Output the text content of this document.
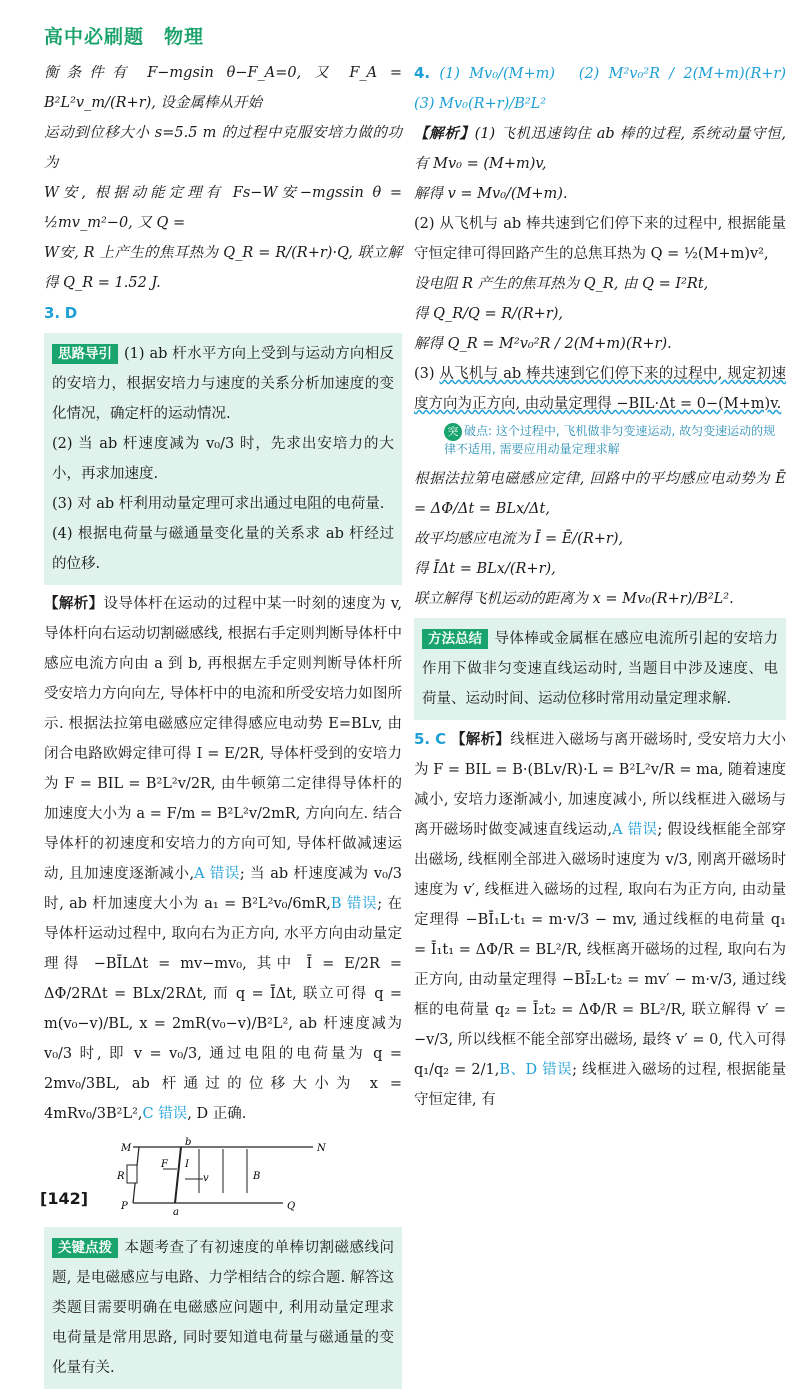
高中必刷题　物理

衡条件有 F−mgsin θ−F_A=0, 又 F_A = B²L²v_m/(R+r), 设金属棒从开始

运动到位移大小 s=5.5 m 的过程中克服安培力做的功为

W安, 根据动能定理有 Fs−W安−mgssin θ = ½mv_m²−0, 又 Q =

W安, R 上产生的焦耳热为 Q_R = R/(R+r)·Q, 联立解得 Q_R = 1.52 J.

3. D

思路导引 (1) ab 杆水平方向上受到与运动方向相反的安培力，根据安培力与速度的关系分析加速度的变化情况，确定杆的运动情况.

(2) 当 ab 杆速度减为 v₀/3 时，先求出安培力的大小，再求加速度.

(3) 对 ab 杆利用动量定理可求出通过电阻的电荷量.

(4) 根据电荷量与磁通量变化量的关系求 ab 杆经过的位移.

【解析】设导体杆在运动的过程中某一时刻的速度为 v, 导体杆向右运动切割磁感线, 根据右手定则判断导体杆中感应电流方向由 a 到 b, 再根据左手定则判断导体杆所受安培力方向向左, 导体杆中的电流和所受安培力如图所示. 根据法拉第电磁感应定律得感应电动势 E=BLv, 由闭合电路欧姆定律可得 I = E/2R, 导体杆受到的安培力为 F = BIL = B²L²v/2R, 由牛顿第二定律得导体杆的加速度大小为 a = F/m = B²L²v/2mR, 方向向左. 结合导体杆的初速度和安培力的方向可知, 导体杆做减速运动, 且加速度逐渐减小,A 错误; 当 ab 杆速度减为 v₀/3 时, ab 杆加速度大小为 a₁ = B²L²v₀/6mR,B 错误; 在导体杆运动过程中, 取向右为正方向, 水平方向由动量定理得 −BĪLΔt = mv−mv₀, 其中 Ī = E/2R = ΔΦ/2RΔt = BLx/2RΔt, 而 q = ĪΔt, 联立可得 q = m(v₀−v)/BL, x = 2mR(v₀−v)/B²L², ab 杆速度减为 v₀/3 时, 即 v = v₀/3, 通过电阻的电荷量为 q = 2mv₀/3BL, ab 杆通过的位移大小为 x = 4mRv₀/3B²L²,C 错误, D 正确.

M	N
P	Q
R
F I
v	B
a
b

关键点拨 本题考查了有初速度的单棒切割磁感线问题, 是电磁感应与电路、力学相结合的综合题. 解答这类题目需要明确在电磁感应问题中, 利用动量定理求电荷量是常用思路, 同时要知道电荷量与磁通量的变化量有关.

4. (1) Mv₀/(M+m)　(2) M²v₀²R / 2(M+m)(R+r)　(3) Mv₀(R+r)/B²L²

【解析】(1) 飞机迅速钩住 ab 棒的过程, 系统动量守恒, 有 Mv₀ = (M+m)v,

解得 v = Mv₀/(M+m).

(2) 从飞机与 ab 棒共速到它们停下来的过程中, 根据能量守恒定律可得回路产生的总焦耳热为 Q = ½(M+m)v²,

设电阻 R 产生的焦耳热为 Q_R, 由 Q = I²Rt,

得 Q_R/Q = R/(R+r),

解得 Q_R = M²v₀²R / 2(M+m)(R+r).

(3) 从飞机与 ab 棒共速到它们停下来的过程中, 规定初速度方向为正方向, 由动量定理得 −BIL·Δt = 0−(M+m)v.

突 破点: 这个过程中, 飞机做非匀变速运动, 故匀变速运动的规律不适用, 需要应用动量定理求解

根据法拉第电磁感应定律, 回路中的平均感应电动势为 Ē = ΔΦ/Δt = BLx/Δt,

故平均感应电流为 Ī = Ē/(R+r),

得 ĪΔt = BLx/(R+r),

联立解得飞机运动的距离为 x = Mv₀(R+r)/B²L².

方法总结 导体棒或金属框在感应电流所引起的安培力作用下做非匀变速直线运动时, 当题目中涉及速度、电荷量、运动时间、运动位移时常用动量定理求解.

5. C 【解析】线框进入磁场与离开磁场时, 受安培力大小为 F = BIL = B·(BLv/R)·L = B²L²v/R = ma, 随着速度减小, 安培力逐渐减小, 加速度减小, 所以线框进入磁场与离开磁场时做变减速直线运动,A 错误; 假设线框能全部穿出磁场, 线框刚全部进入磁场时速度为 v/3, 刚离开磁场时速度为 v′, 线框进入磁场的过程, 取向右为正方向, 由动量定理得 −BĪ₁L·t₁ = m·v/3 − mv, 通过线框的电荷量 q₁ = Ī₁t₁ = ΔΦ/R = BL²/R, 线框离开磁场的过程, 取向右为正方向, 由动量定理得 −BĪ₂L·t₂ = mv′ − m·v/3, 通过线框的电荷量 q₂ = Ī₂t₂ = ΔΦ/R = BL²/R, 联立解得 v′ = −v/3, 所以线框不能全部穿出磁场, 最终 v′ = 0, 代入可得 q₁/q₂ = 2/1,B、D 错误; 线框进入磁场的过程, 根据能量守恒定律, 有

[142]
